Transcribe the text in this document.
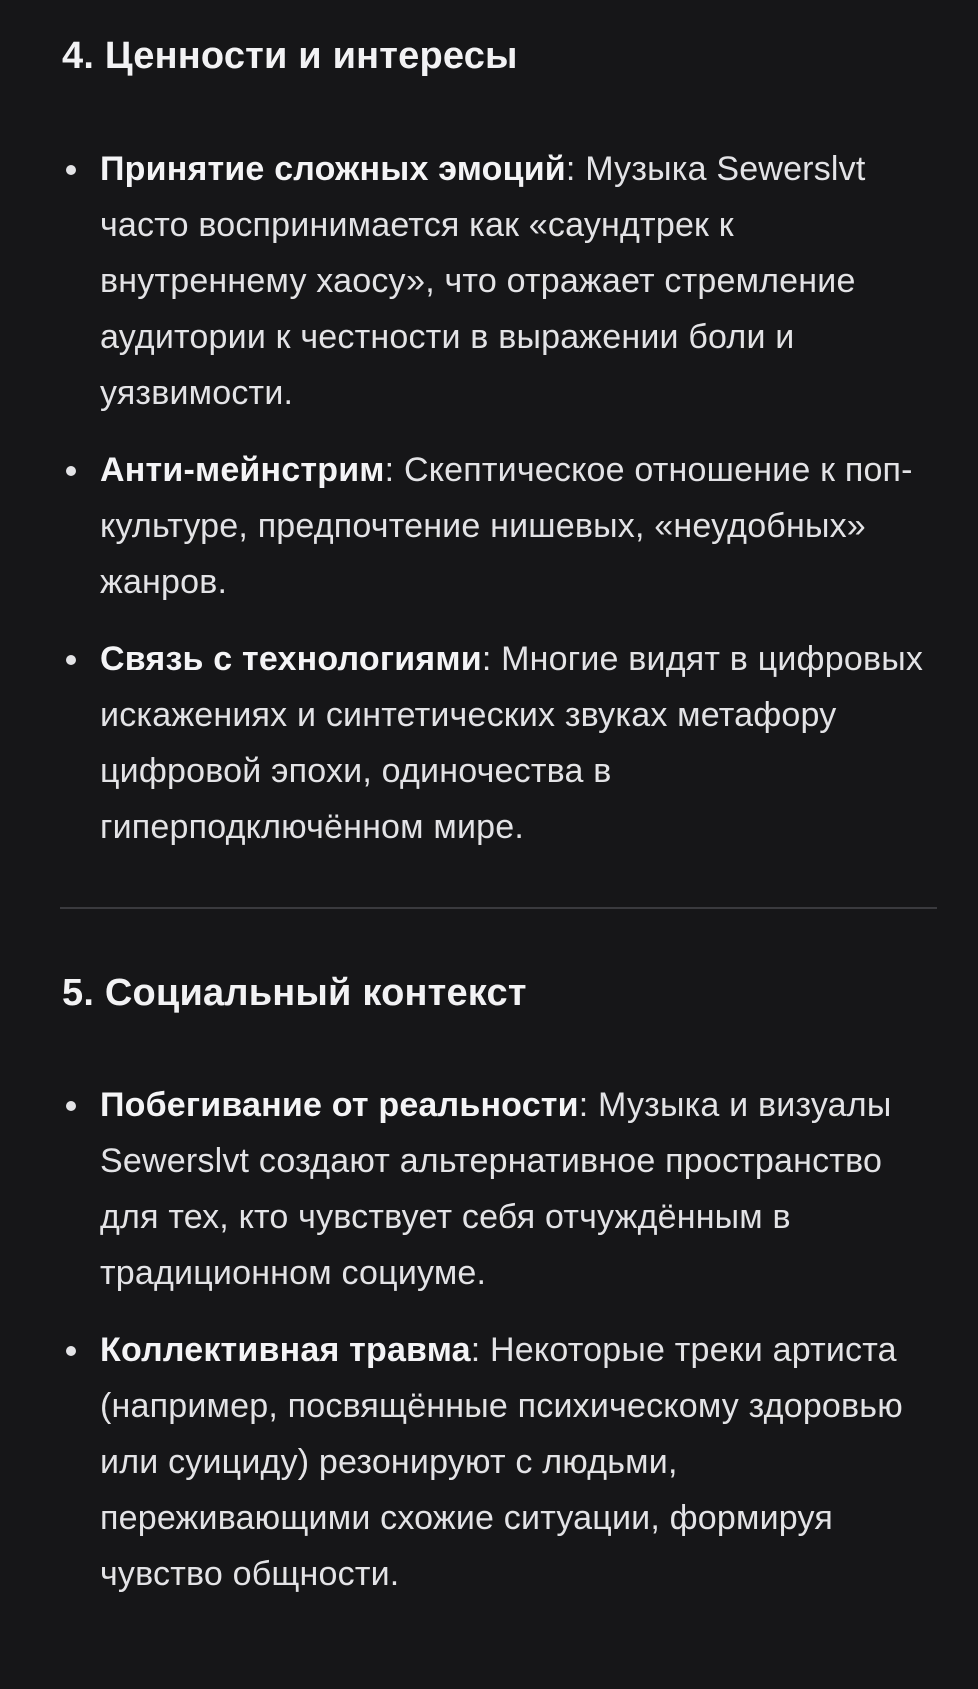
4. Ценности и интересы
Принятие сложных эмоций: Музыка Sewerslvt часто воспринимается как «саундтрек к внутреннему хаосу», что отражает стремление аудитории к честности в выражении боли и уязвимости.
Анти-мейнстрим: Скептическое отношение к поп-культуре, предпочтение нишевых, «неудобных» жанров.
Связь с технологиями: Многие видят в цифровых искажениях и синтетических звуках метафору цифровой эпохи, одиночества в гиперподключённом мире.
5. Социальный контекст
Побегивание от реальности: Музыка и визуалы Sewerslvt создают альтернативное пространство для тех, кто чувствует себя отчуждённым в традиционном социуме.
Коллективная травма: Некоторые треки артиста (например, посвящённые психическому здоровью или суициду) резонируют с людьми, переживающими схожие ситуации, формируя чувство общности.
